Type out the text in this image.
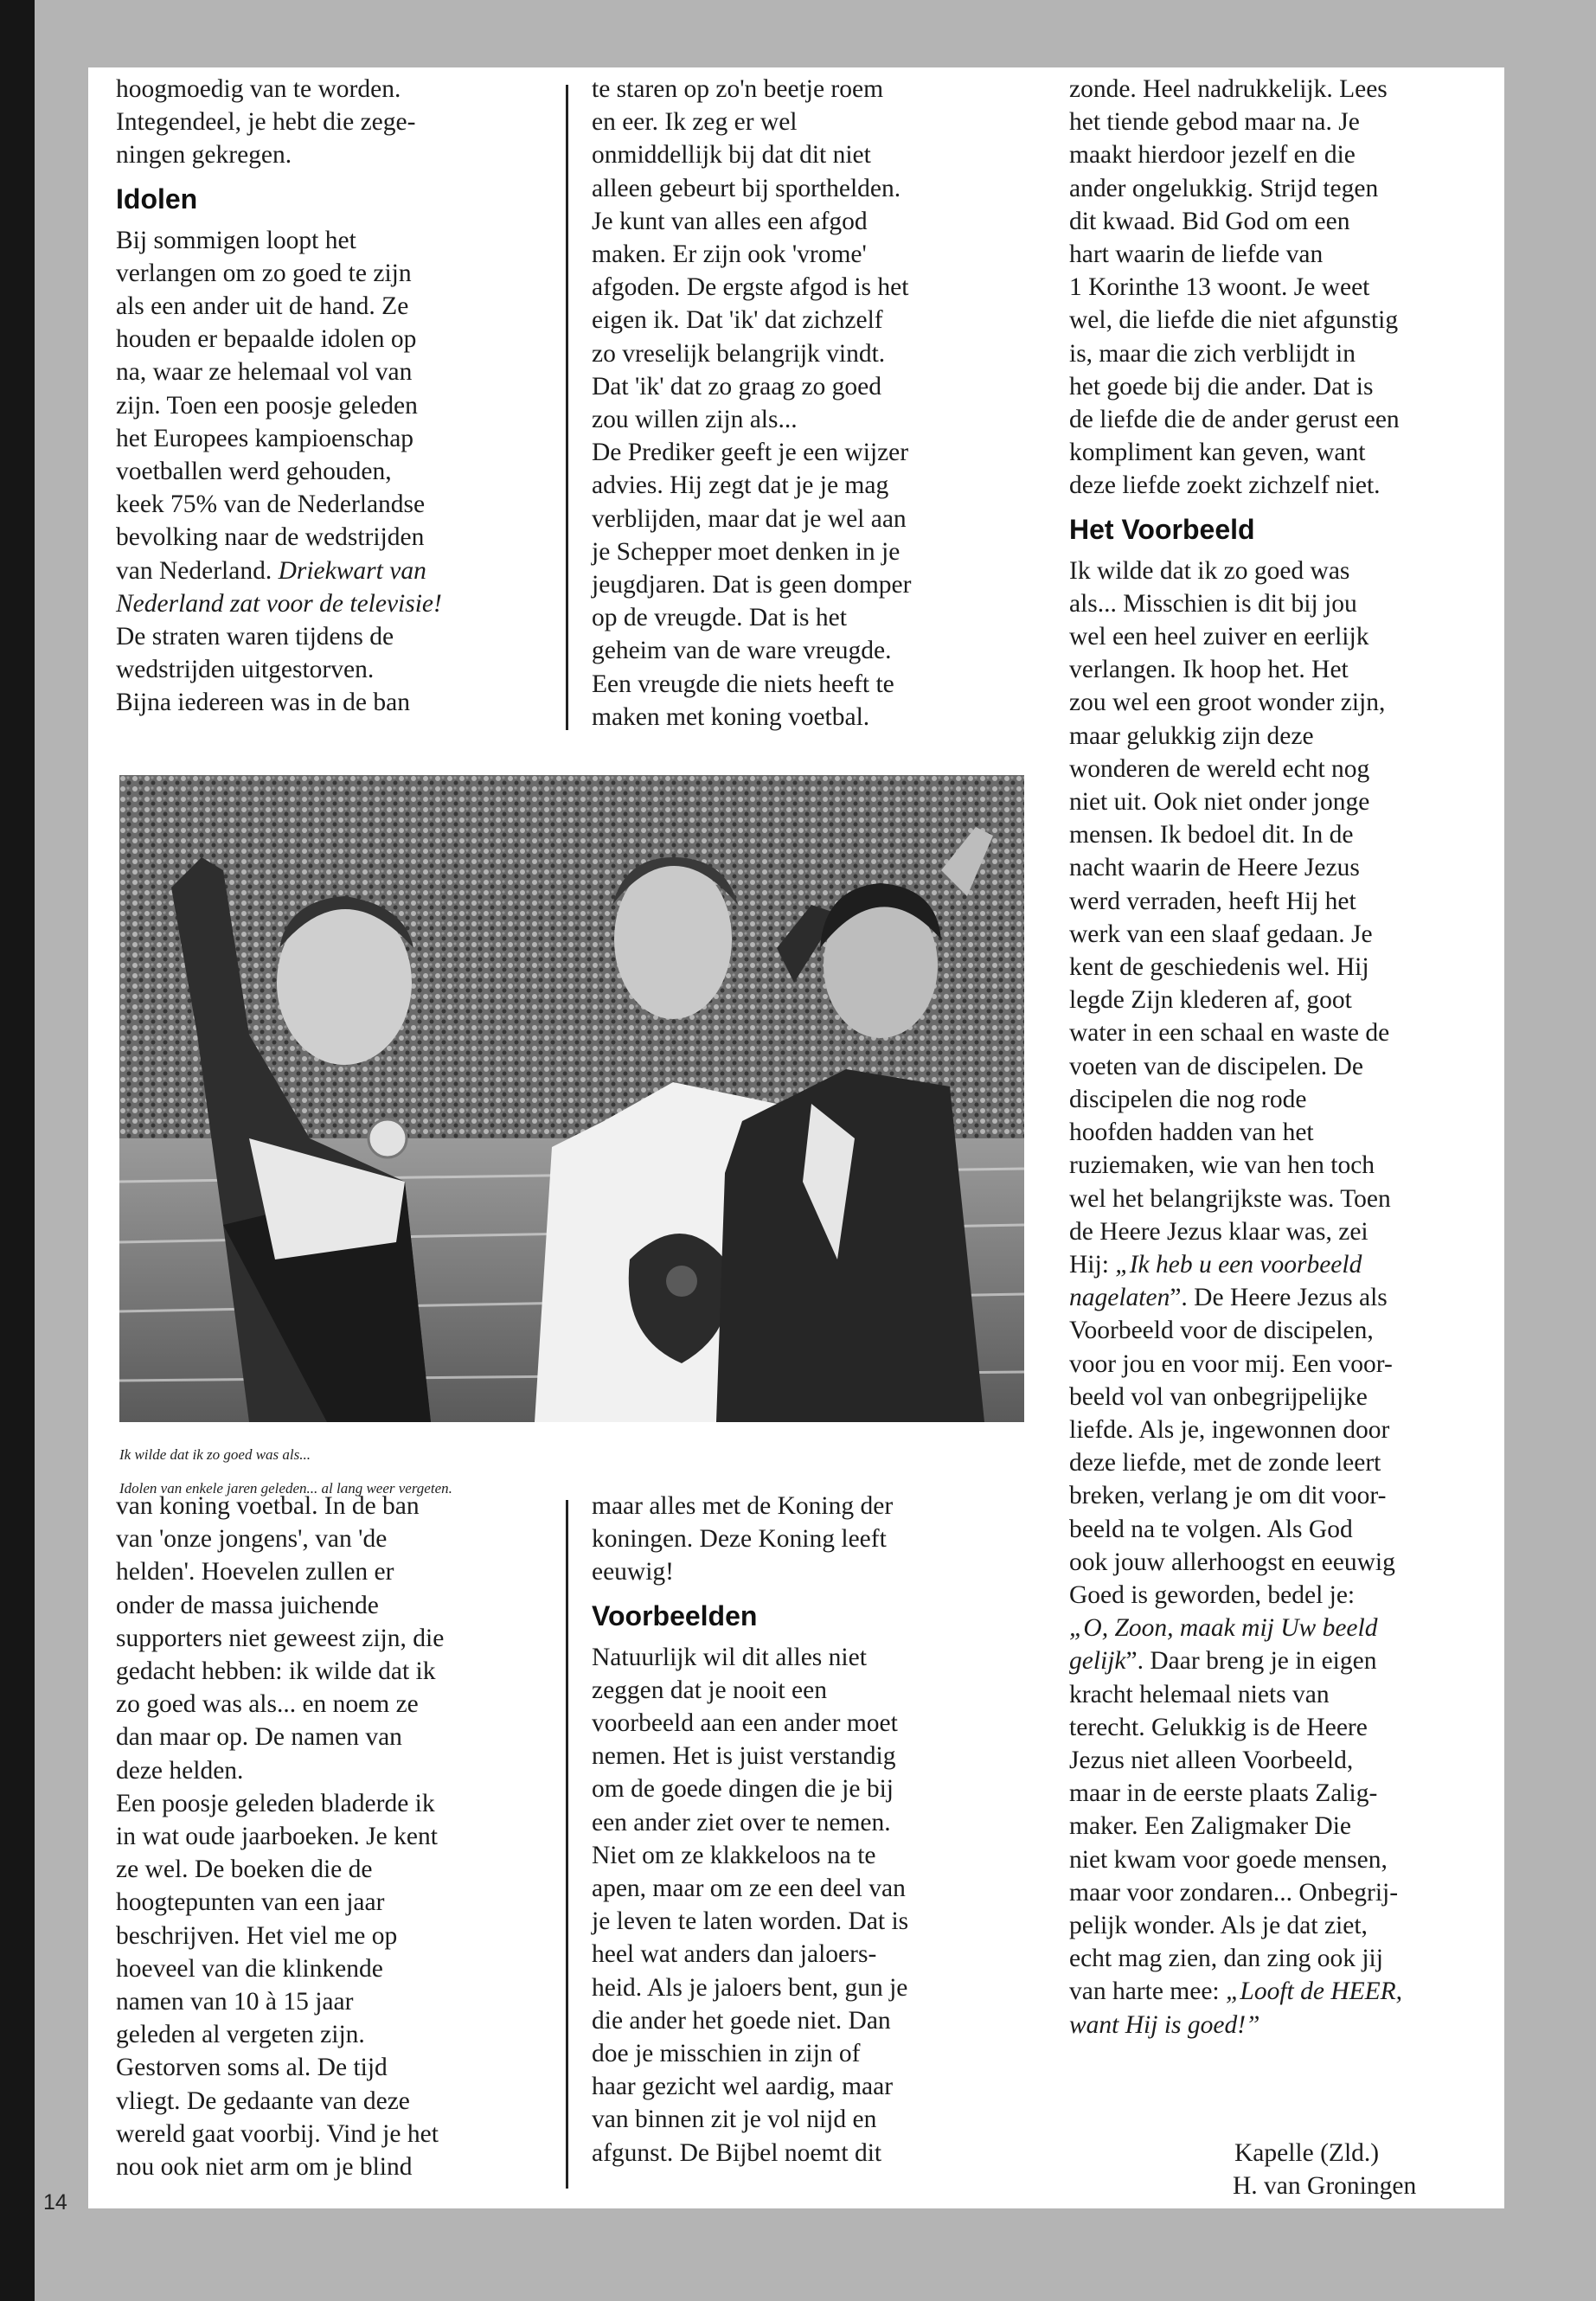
14

hoogmoedig van te worden.

Integendeel, je hebt die zege-

ningen gekregen.

Idolen

Bij sommigen loopt het

verlangen om zo goed te zijn

als een ander uit de hand. Ze

houden er bepaalde idolen op

na, waar ze helemaal vol van

zijn. Toen een poosje geleden

het Europees kampioenschap

voetballen werd gehouden,

keek 75% van de Nederlandse

bevolking naar de wedstrijden

van Nederland. Driekwart van

Nederland zat voor de televisie!

De straten waren tijdens de

wedstrijden uitgestorven.

Bijna iedereen was in de ban

te staren op zo'n beetje roem

en eer. Ik zeg er wel

onmiddellijk bij dat dit niet

alleen gebeurt bij sporthelden.

Je kunt van alles een afgod

maken. Er zijn ook 'vrome'

afgoden. De ergste afgod is het

eigen ik. Dat 'ik' dat zichzelf

zo vreselijk belangrijk vindt.

Dat 'ik' dat zo graag zo goed

zou willen zijn als...

De Prediker geeft je een wijzer

advies. Hij zegt dat je je mag

verblijden, maar dat je wel aan

je Schepper moet denken in je

jeugdjaren. Dat is geen domper

op de vreugde. Dat is het

geheim van de ware vreugde.

Een vreugde die niets heeft te

maken met koning voetbal.

zonde. Heel nadrukkelijk. Lees

het tiende gebod maar na. Je

maakt hierdoor jezelf en die

ander ongelukkig. Strijd tegen

dit kwaad. Bid God om een

hart waarin de liefde van

1 Korinthe 13 woont. Je weet

wel, die liefde die niet afgunstig

is, maar die zich verblijdt in

het goede bij die ander. Dat is

de liefde die de ander gerust een

kompliment kan geven, want

deze liefde zoekt zichzelf niet.

Het Voorbeeld

Ik wilde dat ik zo goed was

als... Misschien is dit bij jou

wel een heel zuiver en eerlijk

verlangen. Ik hoop het. Het

zou wel een groot wonder zijn,

maar gelukkig zijn deze

wonderen de wereld echt nog

niet uit. Ook niet onder jonge

mensen. Ik bedoel dit. In de

nacht waarin de Heere Jezus

werd verraden, heeft Hij het

werk van een slaaf gedaan. Je

kent de geschiedenis wel. Hij

legde Zijn klederen af, goot

water in een schaal en waste de

voeten van de discipelen. De

discipelen die nog rode

hoofden hadden van het

ruziemaken, wie van hen toch

wel het belangrijkste was. Toen

de Heere Jezus klaar was, zei

Hij: „Ik heb u een voorbeeld

nagelaten”. De Heere Jezus als

Voorbeeld voor de discipelen,

voor jou en voor mij. Een voor-

beeld vol van onbegrijpelijke

liefde. Als je, ingewonnen door

deze liefde, met de zonde leert

breken, verlang je om dit voor-

beeld na te volgen. Als God

ook jouw allerhoogst en eeuwig

Goed is geworden, bedel je:

„O, Zoon, maak mij Uw beeld

gelijk”. Daar breng je in eigen

kracht helemaal niets van

terecht. Gelukkig is de Heere

Jezus niet alleen Voorbeeld,

maar in de eerste plaats Zalig-

maker. Een Zaligmaker Die

niet kwam voor goede mensen,

maar voor zondaren... Onbegrij-

pelijk wonder. Als je dat ziet,

echt mag zien, dan zing ook jij

van harte mee: „Looft de HEER,

want Hij is goed!”

Ik wilde dat ik zo goed was als...

Idolen van enkele jaren geleden... al lang weer vergeten.

van koning voetbal. In de ban

van 'onze jongens', van 'de

helden'. Hoevelen zullen er

onder de massa juichende

supporters niet geweest zijn, die

gedacht hebben: ik wilde dat ik

zo goed was als... en noem ze

dan maar op. De namen van

deze helden.

Een poosje geleden bladerde ik

in wat oude jaarboeken. Je kent

ze wel. De boeken die de

hoogtepunten van een jaar

beschrijven. Het viel me op

hoeveel van die klinkende

namen van 10 à 15 jaar

geleden al vergeten zijn.

Gestorven soms al. De tijd

vliegt. De gedaante van deze

wereld gaat voorbij. Vind je het

nou ook niet arm om je blind

maar alles met de Koning der

koningen. Deze Koning leeft

eeuwig!

Voorbeelden

Natuurlijk wil dit alles niet

zeggen dat je nooit een

voorbeeld aan een ander moet

nemen. Het is juist verstandig

om de goede dingen die je bij

een ander ziet over te nemen.

Niet om ze klakkeloos na te

apen, maar om ze een deel van

je leven te laten worden. Dat is

heel wat anders dan jaloers-

heid. Als je jaloers bent, gun je

die ander het goede niet. Dan

doe je misschien in zijn of

haar gezicht wel aardig, maar

van binnen zit je vol nijd en

afgunst. De Bijbel noemt dit	Kapelle (Zld.)
H. van Groningen
